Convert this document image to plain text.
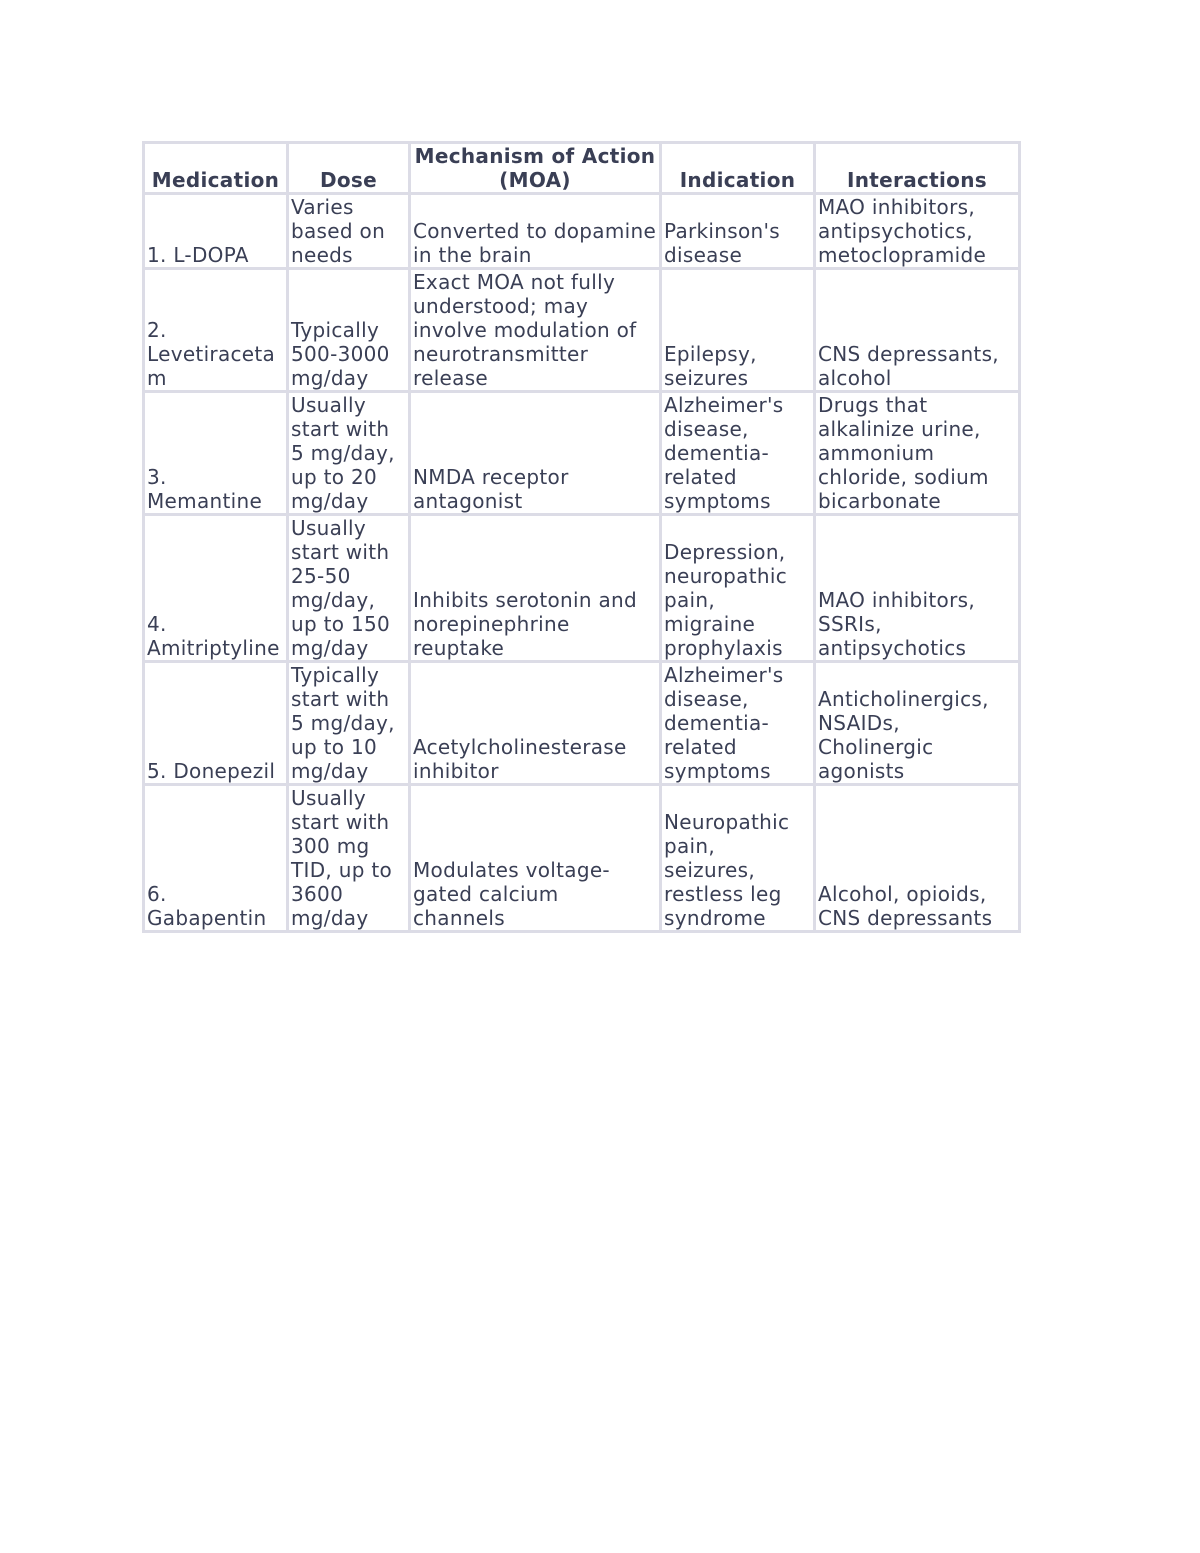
Medication	Dose	Mechanism of Action (MOA)	Indication	Interactions
1. L-DOPA	Varies based on needs	Converted to dopamine in the brain	Parkinson's disease	MAO inhibitors, antipsychotics, metoclopramide
2. Levetiracetam	Typically 500-3000 mg/day	Exact MOA not fully understood; may involve modulation of neurotransmitter release	Epilepsy, seizures	CNS depressants, alcohol
3. Memantine	Usually start with 5 mg/day, up to 20 mg/day	NMDA receptor antagonist	Alzheimer's disease, dementia-related symptoms	Drugs that alkalinize urine, ammonium chloride, sodium bicarbonate
4. Amitriptyline	Usually start with 25-50 mg/day, up to 150 mg/day	Inhibits serotonin and norepinephrine reuptake	Depression, neuropathic pain, migraine prophylaxis	MAO inhibitors, SSRIs, antipsychotics
5. Donepezil	Typically start with 5 mg/day, up to 10 mg/day	Acetylcholinesterase inhibitor	Alzheimer's disease, dementia-related symptoms	Anticholinergics, NSAIDs, Cholinergic agonists
6. Gabapentin	Usually start with 300 mg TID, up to 3600 mg/day	Modulates voltage-gated calcium channels	Neuropathic pain, seizures, restless leg syndrome	Alcohol, opioids, CNS depressants
